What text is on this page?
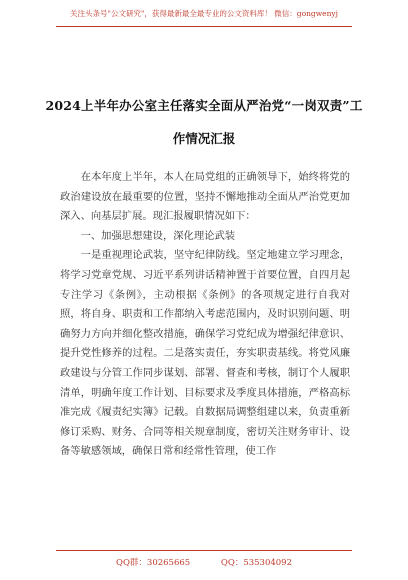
关注头条号"公文研究"，获得最新最全最专业的公文资料库！ 微信：gongwenyj
2024上半年办公室主任落实全面从严治党“一岗双责”工
作情况汇报

在本年度上半年，本人在局党组的正确领导下，始终将党的政治建设放在最重要的位置，坚持不懈地推动全面从严治党更加深入、向基层扩展。现汇报履职情况如下：

一、加强思想建设，深化理论武装

一是重视理论武装，坚守纪律防线。坚定地建立学习理念，将学习党章党规、习近平系列讲话精神置于首要位置，自四月起专注学习《条例》，主动根据《条例》的各项规定进行自我对照，将自身、职责和工作都纳入考虑范围内，及时识别问题、明确努力方向并细化整改措施，确保学习党纪成为增强纪律意识、提升党性修养的过程。二是落实责任，夯实职责基线。将党风廉政建设与分管工作同步谋划、部署、督查和考核，制订个人履职清单，明确年度工作计划、目标要求及季度具体措施，严格高标准完成《履责纪实簿》记载。自数据局调整组建以来，负责重新修订采购、财务、合同等相关规章制度，密切关注财务审计、设备等敏感领域，确保日常和经常性管理，使工作

QQ群：30265665	QQ：535304092
